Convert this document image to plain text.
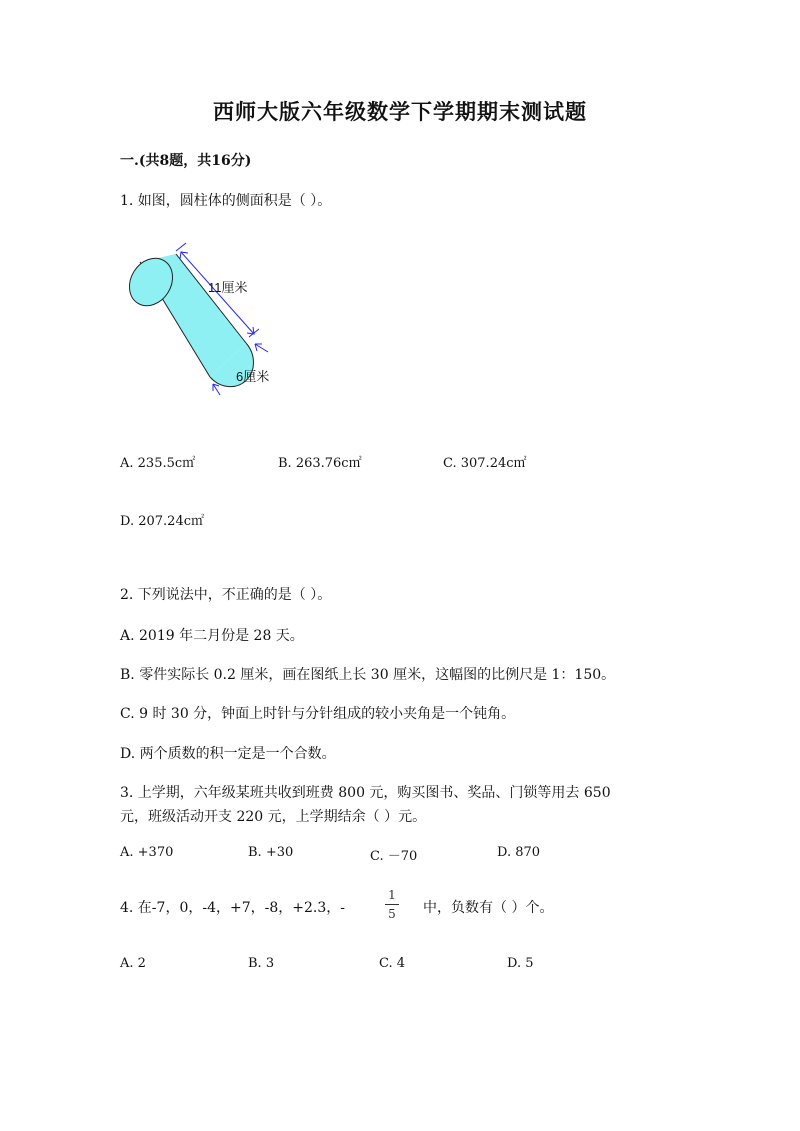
西师大版六年级数学下学期期末测试题
一.(共8题，共16分)
1. 如图，圆柱体的侧面积是（ ）。
11厘米
6厘米
A. 235.5c㎡	B. 263.76c㎡	C. 307.24c㎡
D. 207.24c㎡
2. 下列说法中，不正确的是（ ）。
A. 2019 年二月份是 28 天。
B. 零件实际长 0.2 厘米，画在图纸上长 30 厘米，这幅图的比例尺是 1：150。
C. 9 时 30 分，钟面上时针与分针组成的较小夹角是一个钝角。
D. 两个质数的积一定是一个合数。
3. 上学期，六年级某班共收到班费 800 元，购买图书、奖品、门锁等用去 650
元，班级活动开支 220 元，上学期结余（ ）元。
A. +370	B. +30	C. －70	D. 870
4. 在-7，0，-4，+7，-8，+2.3，-
1
5 中，负数有（ ）个。
A. 2	B. 3	C. 4	D. 5
